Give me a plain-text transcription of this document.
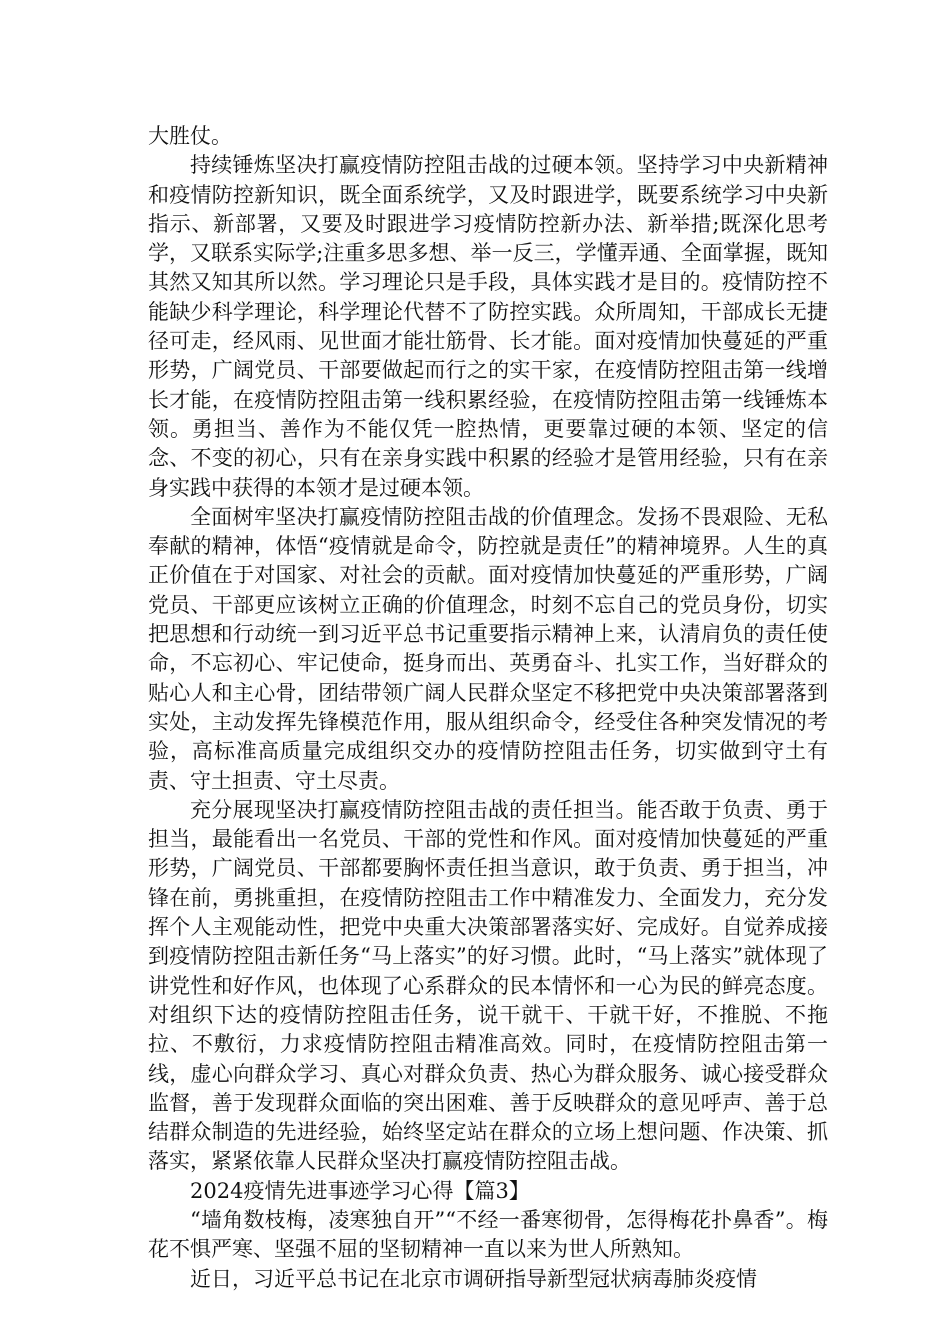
大胜仗。

持续锤炼坚决打赢疫情防控阻击战的过硬本领。坚持学习中央新精神和疫情防控新知识，既全面系统学，又及时跟进学，既要系统学习中央新指示、新部署，又要及时跟进学习疫情防控新办法、新举措;既深化思考学，又联系实际学;注重多思多想、举一反三，学懂弄通、全面掌握，既知其然又知其所以然。学习理论只是手段，具体实践才是目的。疫情防控不能缺少科学理论，科学理论代替不了防控实践。众所周知，干部成长无捷径可走，经风雨、见世面才能壮筋骨、长才能。面对疫情加快蔓延的严重形势，广阔党员、干部要做起而行之的实干家，在疫情防控阻击第一线增长才能，在疫情防控阻击第一线积累经验，在疫情防控阻击第一线锤炼本领。勇担当、善作为不能仅凭一腔热情，更要靠过硬的本领、坚定的信念、不变的初心，只有在亲身实践中积累的经验才是管用经验，只有在亲身实践中获得的本领才是过硬本领。

全面树牢坚决打赢疫情防控阻击战的价值理念。发扬不畏艰险、无私奉献的精神，体悟“疫情就是命令，防控就是责任”的精神境界。人生的真正价值在于对国家、对社会的贡献。面对疫情加快蔓延的严重形势，广阔党员、干部更应该树立正确的价值理念，时刻不忘自己的党员身份，切实把思想和行动统一到习近平总书记重要指示精神上来，认清肩负的责任使命，不忘初心、牢记使命，挺身而出、英勇奋斗、扎实工作，当好群众的贴心人和主心骨，团结带领广阔人民群众坚定不移把党中央决策部署落到实处，主动发挥先锋模范作用，服从组织命令，经受住各种突发情况的考验，高标准高质量完成组织交办的疫情防控阻击任务，切实做到守土有责、守土担责、守土尽责。

充分展现坚决打赢疫情防控阻击战的责任担当。能否敢于负责、勇于担当，最能看出一名党员、干部的党性和作风。面对疫情加快蔓延的严重形势，广阔党员、干部都要胸怀责任担当意识，敢于负责、勇于担当，冲锋在前，勇挑重担，在疫情防控阻击工作中精准发力、全面发力，充分发挥个人主观能动性，把党中央重大决策部署落实好、完成好。自觉养成接到疫情防控阻击新任务“马上落实”的好习惯。此时，“马上落实”就体现了讲党性和好作风，也体现了心系群众的民本情怀和一心为民的鲜亮态度。对组织下达的疫情防控阻击任务，说干就干、干就干好，不推脱、不拖拉、不敷衍，力求疫情防控阻击精准高效。同时，在疫情防控阻击第一线，虚心向群众学习、真心对群众负责、热心为群众服务、诚心接受群众监督，善于发现群众面临的突出困难、善于反映群众的意见呼声、善于总结群众制造的先进经验，始终坚定站在群众的立场上想问题、作决策、抓落实，紧紧依靠人民群众坚决打赢疫情防控阻击战。

2024疫情先进事迹学习心得【篇3】

“墙角数枝梅，凌寒独自开”“不经一番寒彻骨，怎得梅花扑鼻香”。梅花不惧严寒、坚强不屈的坚韧精神一直以来为世人所熟知。

近日，习近平总书记在北京市调研指导新型冠状病毒肺炎疫情
